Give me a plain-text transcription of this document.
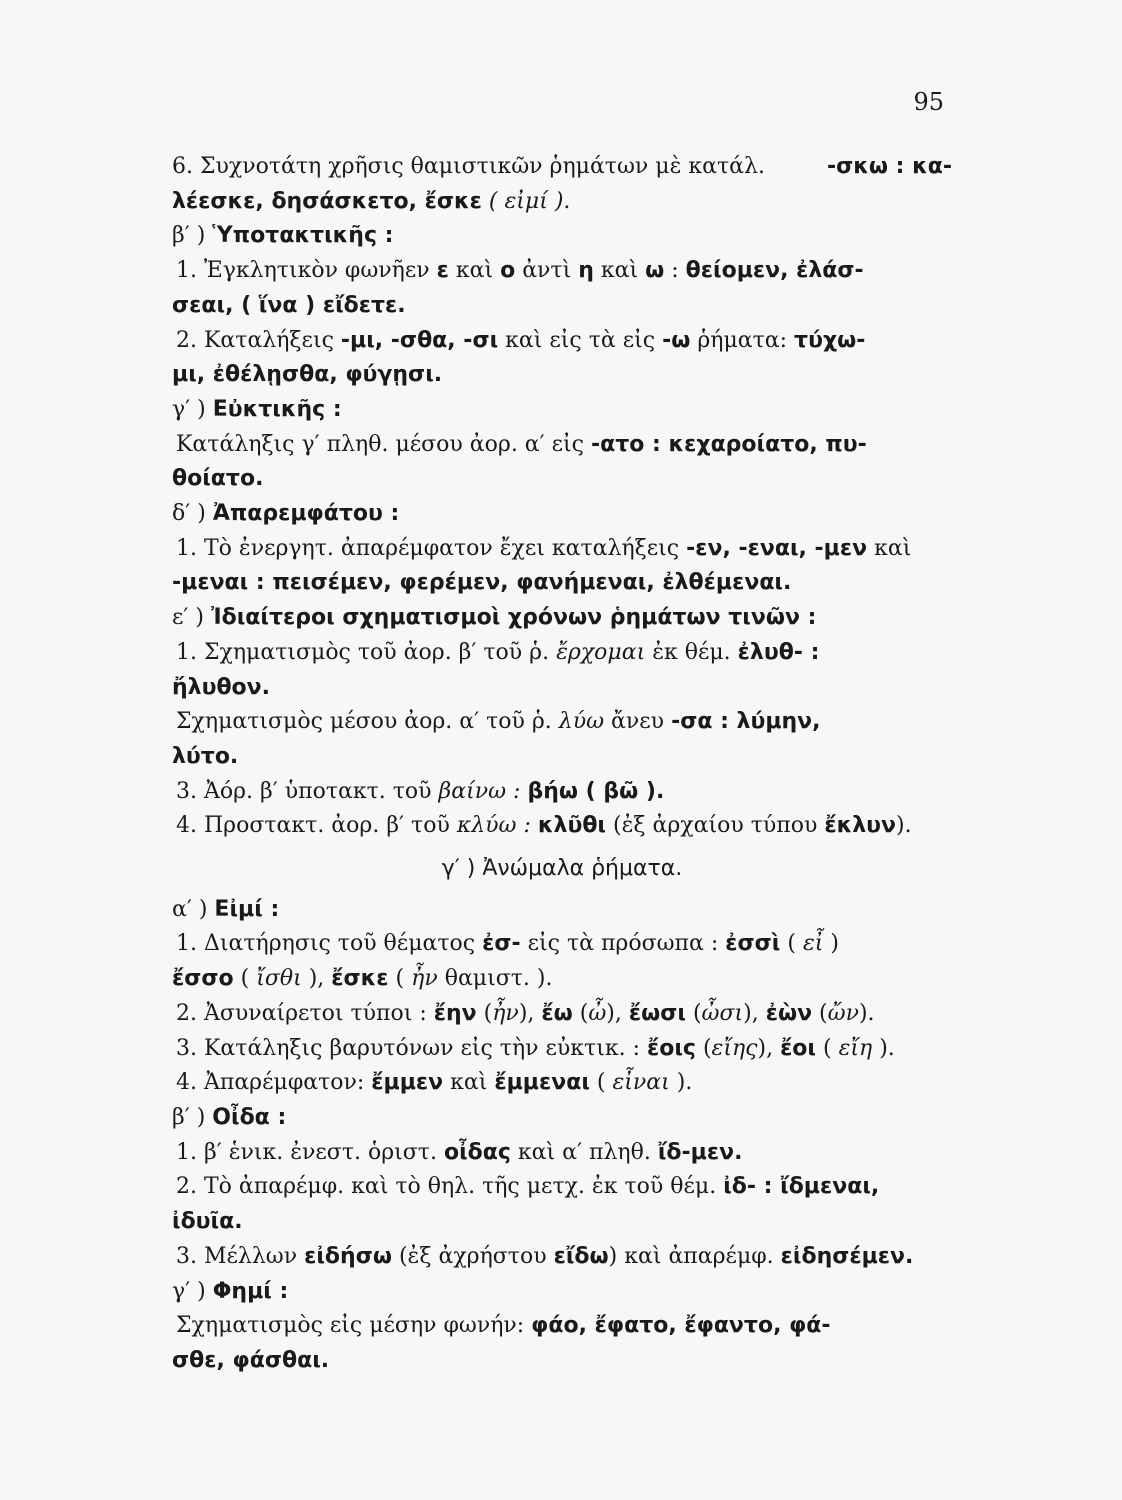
95
6. Συχνοτάτη χρῆσις θαμιστικῶν ῥημάτων μὲ κατάλ.	-σκω : κα-
λέεσκε, δησάσκετο, ἔσκε ( εἰμί ).
β′ ) Ὑποτακτικῆς :
1. Ἐγκλητικὸν φωνῆεν ε καὶ ο ἀντὶ η καὶ ω : θείομεν, ἐλάσ-
σεαι, ( ἵνα ) εἴδετε.
2. Καταλήξεις -μι, -σθα, -σι καὶ εἰς τὰ εἰς -ω ῥήματα: τύχω-
μι, ἐθέλῃσθα, φύγῃσι.
γ′ ) Εὐκτικῆς :
Κατάληξις γ′ πληθ. μέσου ἀορ. α′ εἰς -ατο : κεχαροίατο, πυ-
θοίατο.
δ′ ) Ἀπαρεμφάτου :
1. Τὸ ἐνεργητ. ἀπαρέμφατον ἔχει καταλήξεις -εν, -εναι, -μεν καὶ
-μεναι : πεισέμεν, φερέμεν, φανήμεναι, ἐλθέμεναι.
ε′ ) Ἰδιαίτεροι σχηματισμοὶ χρόνων ῥημάτων τινῶν :
1. Σχηματισμὸς τοῦ ἀορ. β′ τοῦ ῥ. ἔρχομαι ἐκ θέμ. ἐλυθ- :
ἤλυθον.
Σχηματισμὸς μέσου ἀορ. α′ τοῦ ῥ. λύω ἄνευ -σα : λύμην,
λύτο.
3. Ἀόρ. β′ ὑποτακτ. τοῦ βαίνω : βήω ( βῶ ).
4. Προστακτ. ἀορ. β′ τοῦ κλύω : κλῦθι (ἐξ ἀρχαίου τύπου ἔκλυν).
γ′ ) Ἀνώμαλα ῥήματα.
α′ ) Εἰμί :
1. Διατήρησις τοῦ θέματος ἐσ- εἰς τὰ πρόσωπα : ἐσσὶ ( εἶ )
ἔσσο ( ἴσθι ), ἔσκε ( ἦν θαμιστ. ).
2. Ἀσυναίρετοι τύποι : ἔην (ἦν), ἔω (ὦ), ἔωσι (ὦσι), ἐὼν (ὤν).
3. Κατάληξις βαρυτόνων εἰς τὴν εὐκτικ. : ἔοις (εἴης), ἔοι ( εἴη ).
4. Ἀπαρέμφατον: ἔμμεν καὶ ἔμμεναι ( εἶναι ).
β′ ) Οἶδα :
1. β′ ἑνικ. ἐνεστ. ὁριστ. οἶδας καὶ α′ πληθ. ἴδ-μεν.
2. Τὸ ἀπαρέμφ. καὶ τὸ θηλ. τῆς μετχ. ἐκ τοῦ θέμ. ἰδ- : ἴδμεναι,
ἰδυῖα.
3. Μέλλων εἰδήσω (ἐξ ἀχρήστου εἴδω) καὶ ἀπαρέμφ. εἰδησέμεν.
γ′ ) Φημί :
Σχηματισμὸς εἰς μέσην φωνήν: φάο, ἔφατο, ἔφαντο, φά-
σθε, φάσθαι.
